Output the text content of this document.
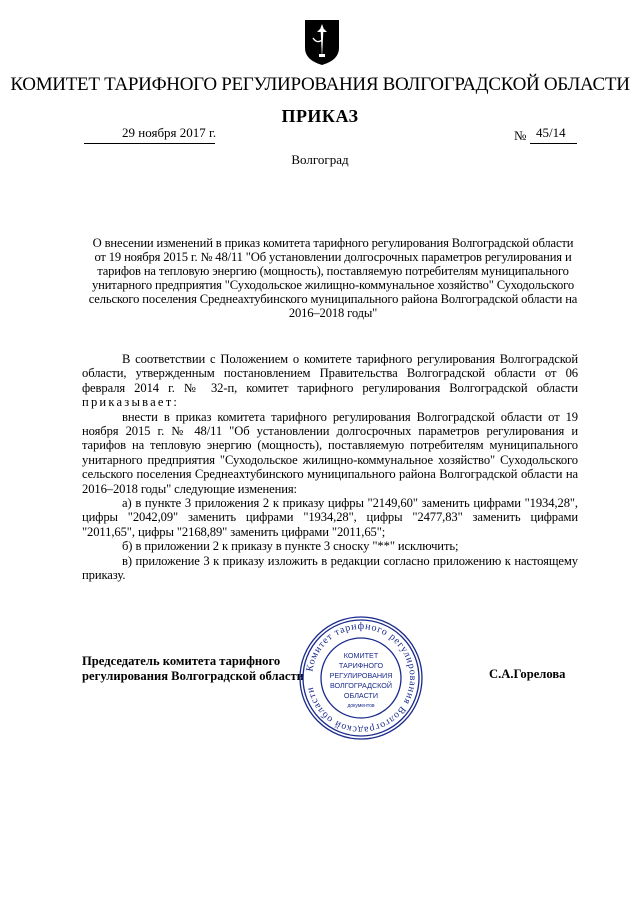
КОМИТЕТ ТАРИФНОГО РЕГУЛИРОВАНИЯ ВОЛГОГРАДСКОЙ ОБЛАСТИ
ПРИКАЗ
29 ноября 2017 г.	№ 45/14
Волгоград
О внесении изменений в приказ комитета тарифного регулирования Волгоградской области от 19 ноября 2015 г. № 48/11 "Об установлении долгосрочных параметров регулирования и тарифов на тепловую энергию (мощность), поставляемую потребителям муниципального унитарного предприятия "Суходольское жилищно-коммунальное хозяйство" Суходольского сельского поселения Среднеахтубинского муниципального района Волгоградской области на 2016–2018 годы"

В соответствии с Положением о комитете тарифного регулирования Волгоградской области, утвержденным постановлением Правительства Волгоградской области от 06 февраля 2014 г. № 32-п, комитет тарифного регулирования Волгоградской области приказывает:

внести в приказ комитета тарифного регулирования Волгоградской области от 19 ноября 2015 г. № 48/11 "Об установлении долгосрочных параметров регулирования и тарифов на тепловую энергию (мощность), поставляемую потребителям муниципального унитарного предприятия "Суходольское жилищно-коммунальное хозяйство" Суходольского сельского поселения Среднеахтубинского муниципального района Волгоградской области на 2016–2018 годы" следующие изменения:

а) в пункте 3 приложения 2 к приказу цифры "2149,60" заменить цифрами "1934,28", цифры "2042,09" заменить цифрами "1934,28", цифры "2477,83" заменить цифрами "2011,65", цифры "2168,89" заменить цифрами "2011,65";

б) в приложении 2 к приказу в пункте 3 сноску "**" исключить;

в) приложение 3 к приказу изложить в редакции согласно приложению к настоящему приказу.

Председатель комитета тарифного
регулирования Волгоградской области	С.А.Горелова
Комитет тарифного регулирования Волгоградской области
КОМИТЕТ
ТАРИФНОГО
РЕГУЛИРОВАНИЯ
ВОЛГОГРАДСКОЙ
ОБЛАСТИ
документов
